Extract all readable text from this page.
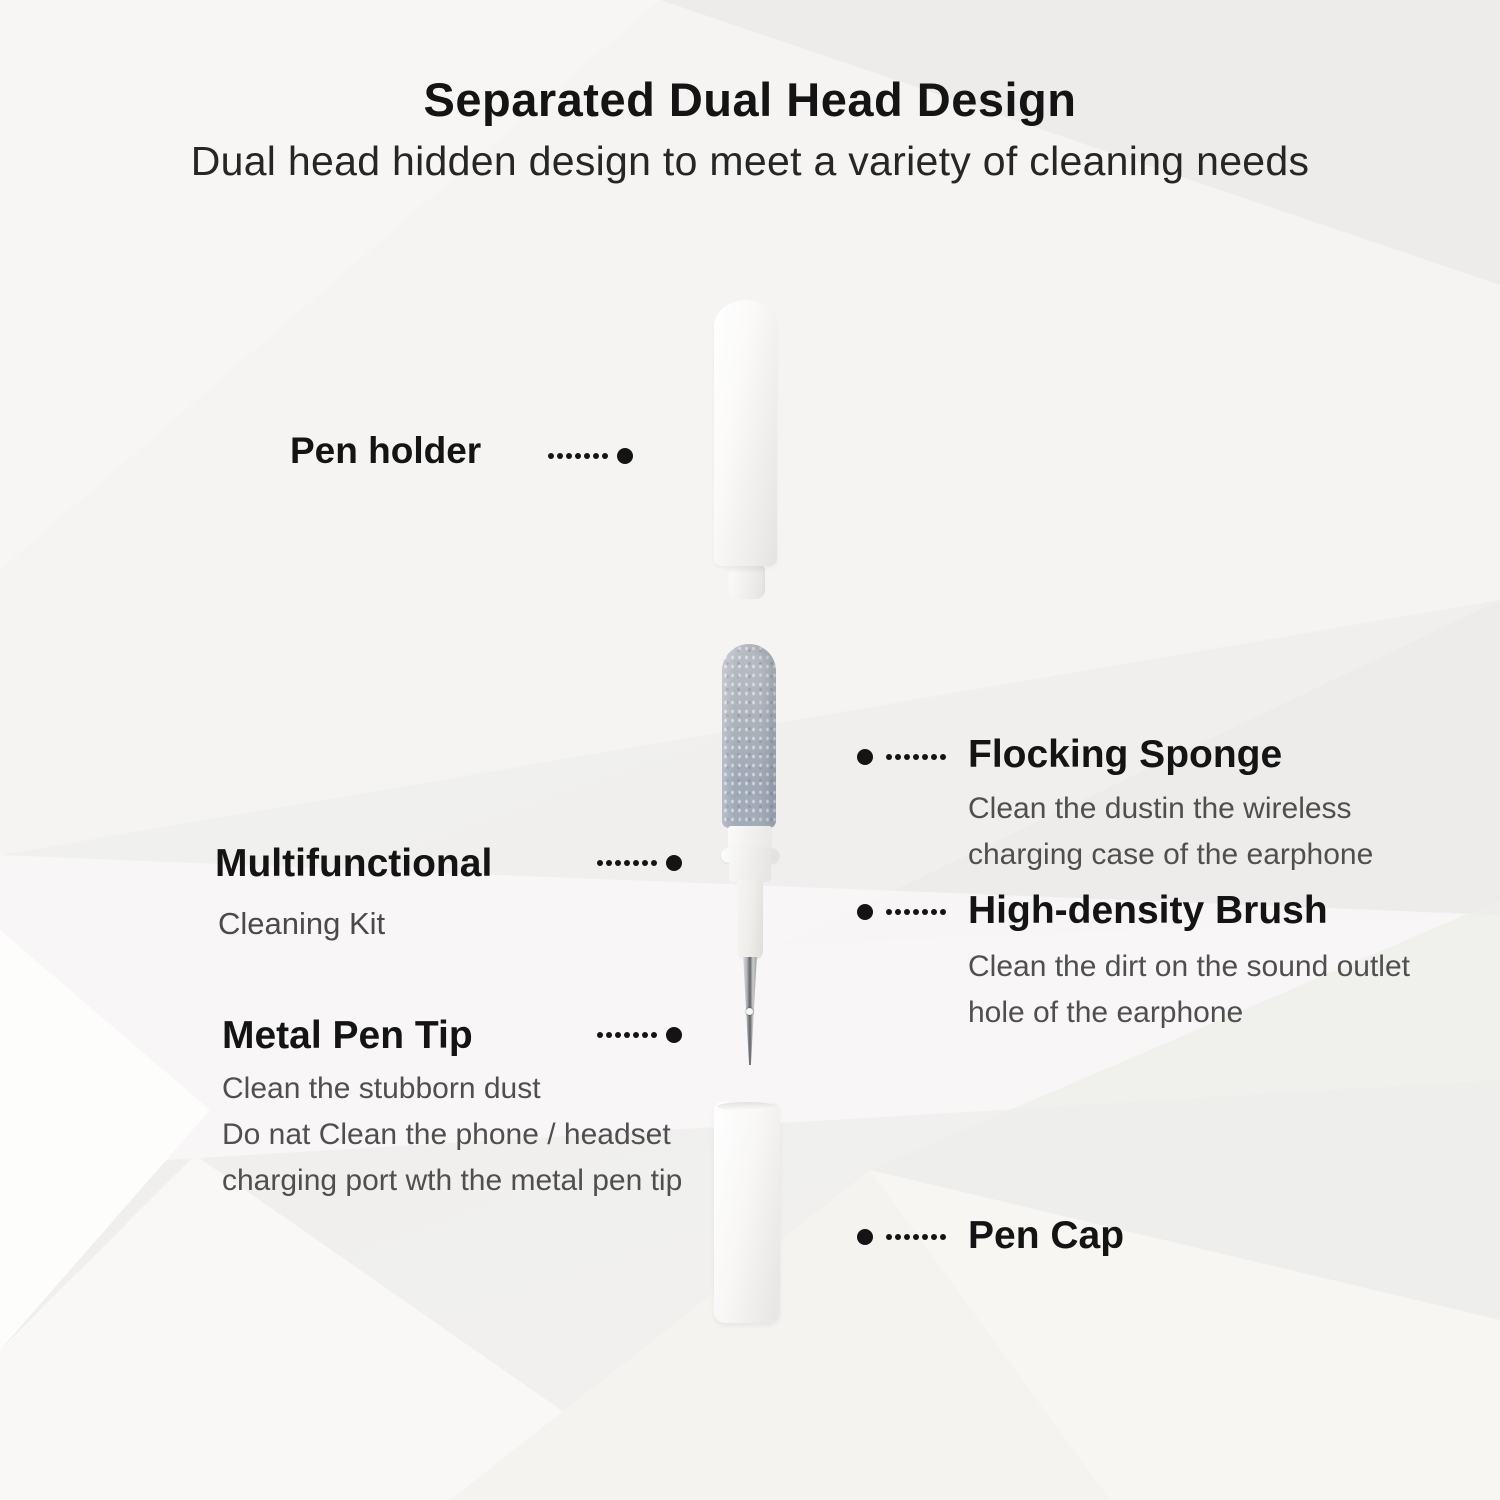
Separated Dual Head Design
Dual head hidden design to meet a variety of cleaning needs
Pen holder
Multifunctional
Cleaning Kit
Metal Pen Tip
Clean the stubborn dust
Do nat Clean the phone / headset
charging port wth the metal pen tip
Flocking Sponge
Clean the dustin the wireless
charging case of the earphone
High-density Brush
Clean the dirt on the sound outlet
hole of the earphone
Pen Cap
